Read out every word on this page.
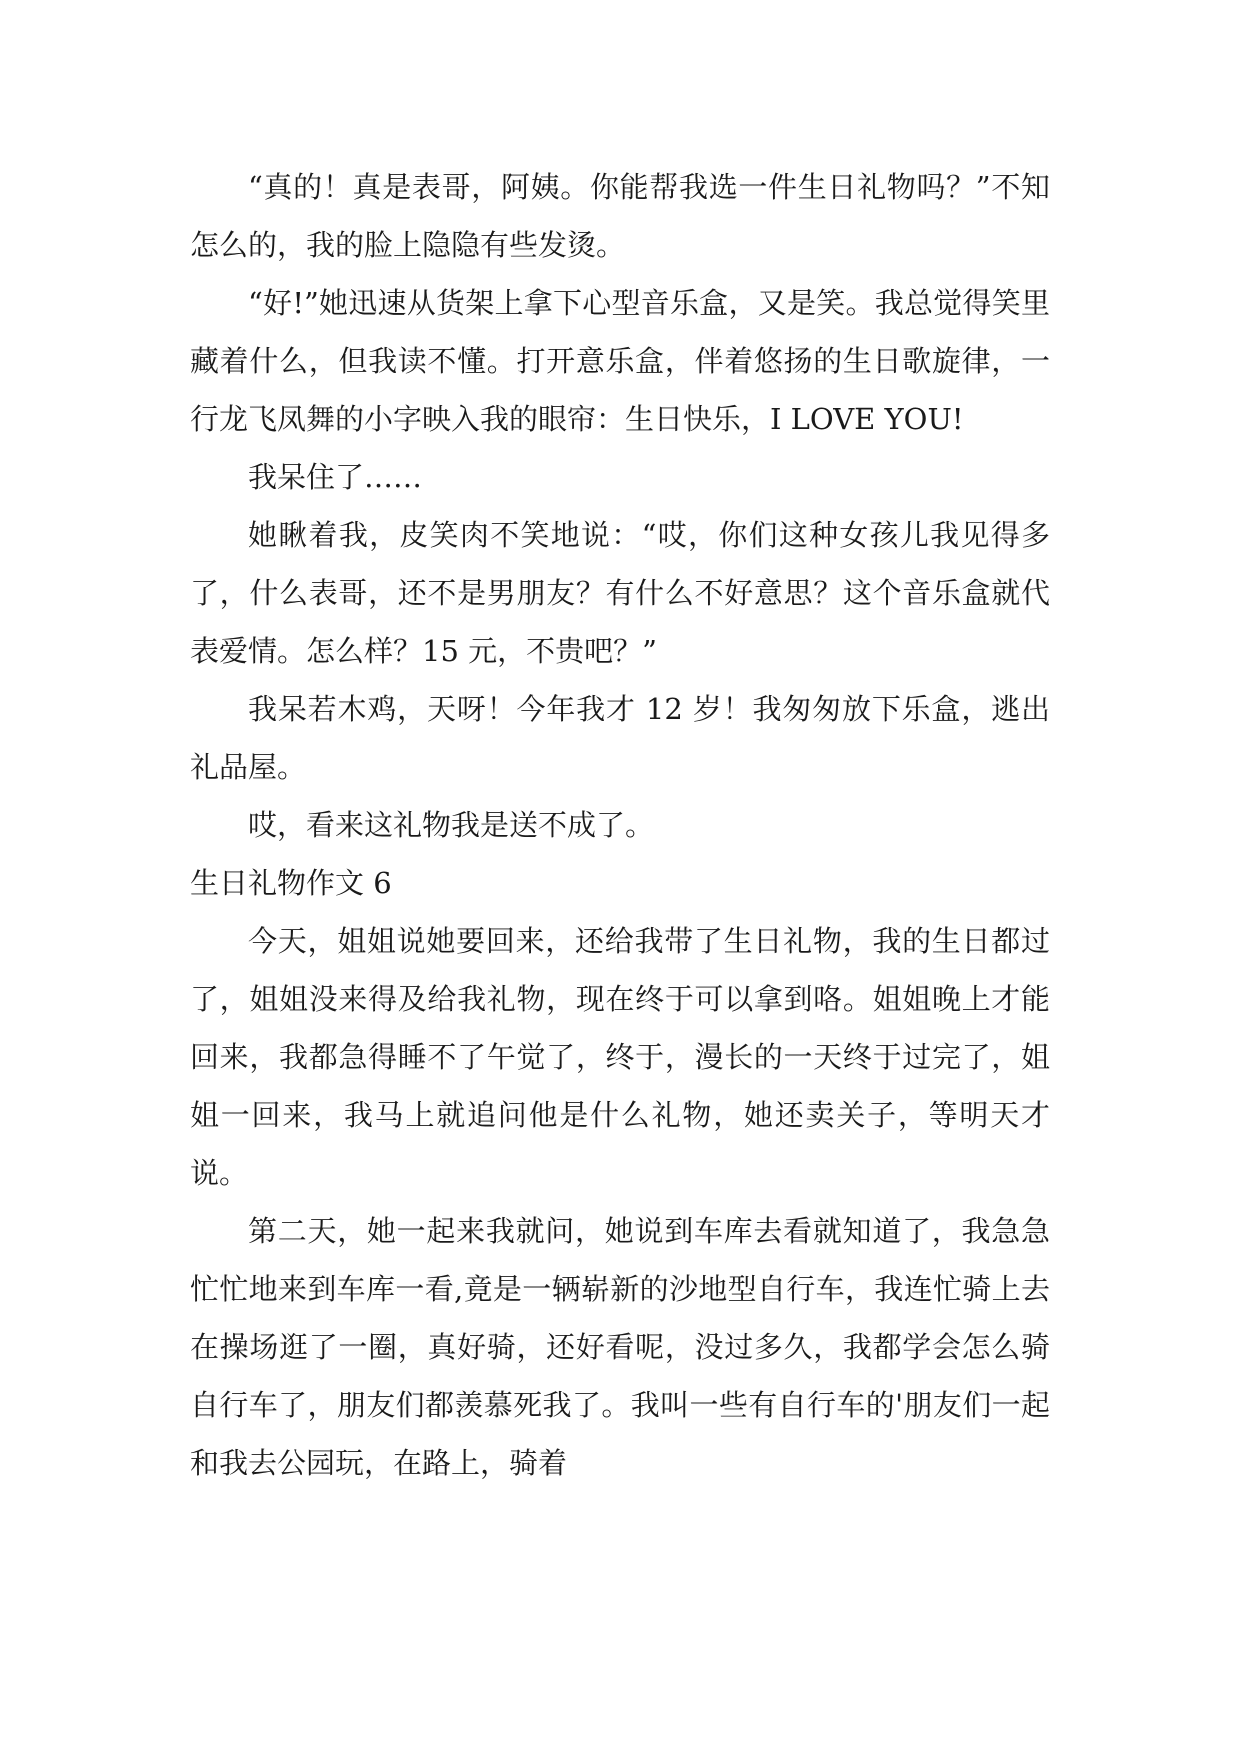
“真的！真是表哥，阿姨。你能帮我选一件生日礼物吗？”不知怎么的，我的脸上隐隐有些发烫。

“好!”她迅速从货架上拿下心型音乐盒，又是笑。我总觉得笑里藏着什么，但我读不懂。打开意乐盒，伴着悠扬的生日歌旋律，一行龙飞凤舞的小字映入我的眼帘：生日快乐，I LOVE YOU!

我呆住了……

她瞅着我，皮笑肉不笑地说：“哎，你们这种女孩儿我见得多了，什么表哥，还不是男朋友？有什么不好意思？这个音乐盒就代表爱情。怎么样？15 元，不贵吧？”

我呆若木鸡，天呀！今年我才 12 岁！我匆匆放下乐盒，逃出礼品屋。

哎，看来这礼物我是送不成了。

生日礼物作文 6

今天，姐姐说她要回来，还给我带了生日礼物，我的生日都过了，姐姐没来得及给我礼物，现在终于可以拿到咯。姐姐晚上才能回来，我都急得睡不了午觉了，终于，漫长的一天终于过完了，姐姐一回来，我马上就追问他是什么礼物，她还卖关子，等明天才说。

第二天，她一起来我就问，她说到车库去看就知道了，我急急忙忙地来到车库一看,竟是一辆崭新的沙地型自行车，我连忙骑上去在操场逛了一圈，真好骑，还好看呢，没过多久，我都学会怎么骑自行车了，朋友们都羡慕死我了。我叫一些有自行车的'朋友们一起和我去公园玩，在路上，骑着
